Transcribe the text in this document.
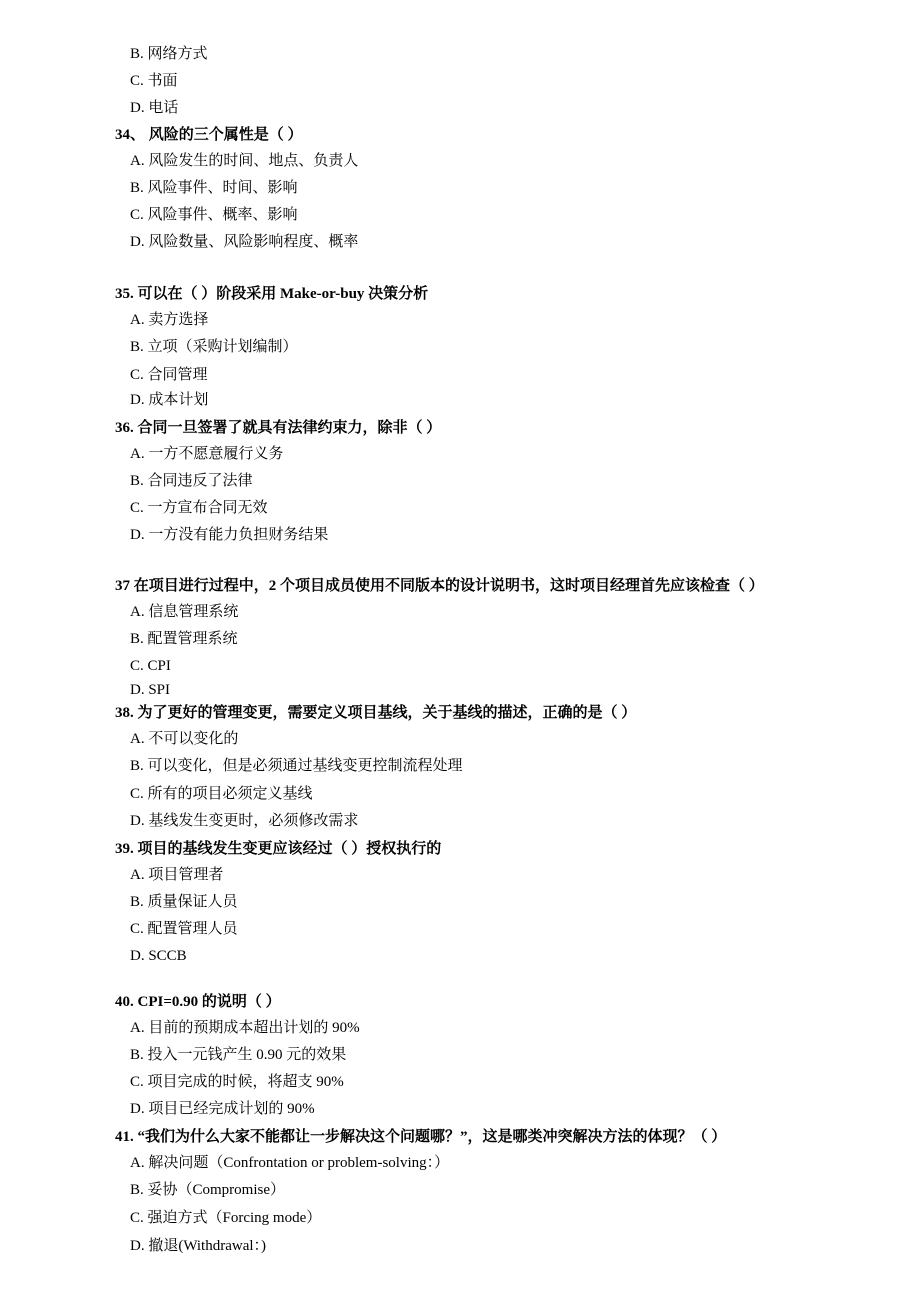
B. 网络方式
C. 书面
D. 电话
34、 风险的三个属性是（ ）
A. 风险发生的时间、地点、负责人
B. 风险事件、时间、影响
C. 风险事件、概率、影响
D. 风险数量、风险影响程度、概率
35. 可以在（ ）阶段采用 Make-or-buy 决策分析
A. 卖方选择
B. 立项（采购计划编制）
C. 合同管理
D. 成本计划
36. 合同一旦签署了就具有法律约束力，除非（ ）
A. 一方不愿意履行义务
B. 合同违反了法律
C. 一方宣布合同无效
D. 一方没有能力负担财务结果
37 在项目进行过程中，2 个项目成员使用不同版本的设计说明书，这时项目经理首先应该检查（ ）
A. 信息管理系统
B. 配置管理系统
C. CPI
D. SPI
38. 为了更好的管理变更，需要定义项目基线，关于基线的描述，正确的是（ ）
A. 不可以变化的
B. 可以变化，但是必须通过基线变更控制流程处理
C. 所有的项目必须定义基线
D. 基线发生变更时，必须修改需求
39. 项目的基线发生变更应该经过（ ）授权执行的
A. 项目管理者
B. 质量保证人员
C. 配置管理人员
D. SCCB
40. CPI=0.90 的说明（ ）
A. 目前的预期成本超出计划的 90%
B. 投入一元钱产生 0.90 元的效果
C. 项目完成的时候，将超支 90%
D. 项目已经完成计划的 90%
41. “我们为什么大家不能都让一步解决这个问题哪？”，这是哪类冲突解决方法的体现？（ ）
A. 解决问题（Confrontation or problem-solving：）
B. 妥协（Compromise）
C. 强迫方式（Forcing mode）
D. 撤退(Withdrawal：)
